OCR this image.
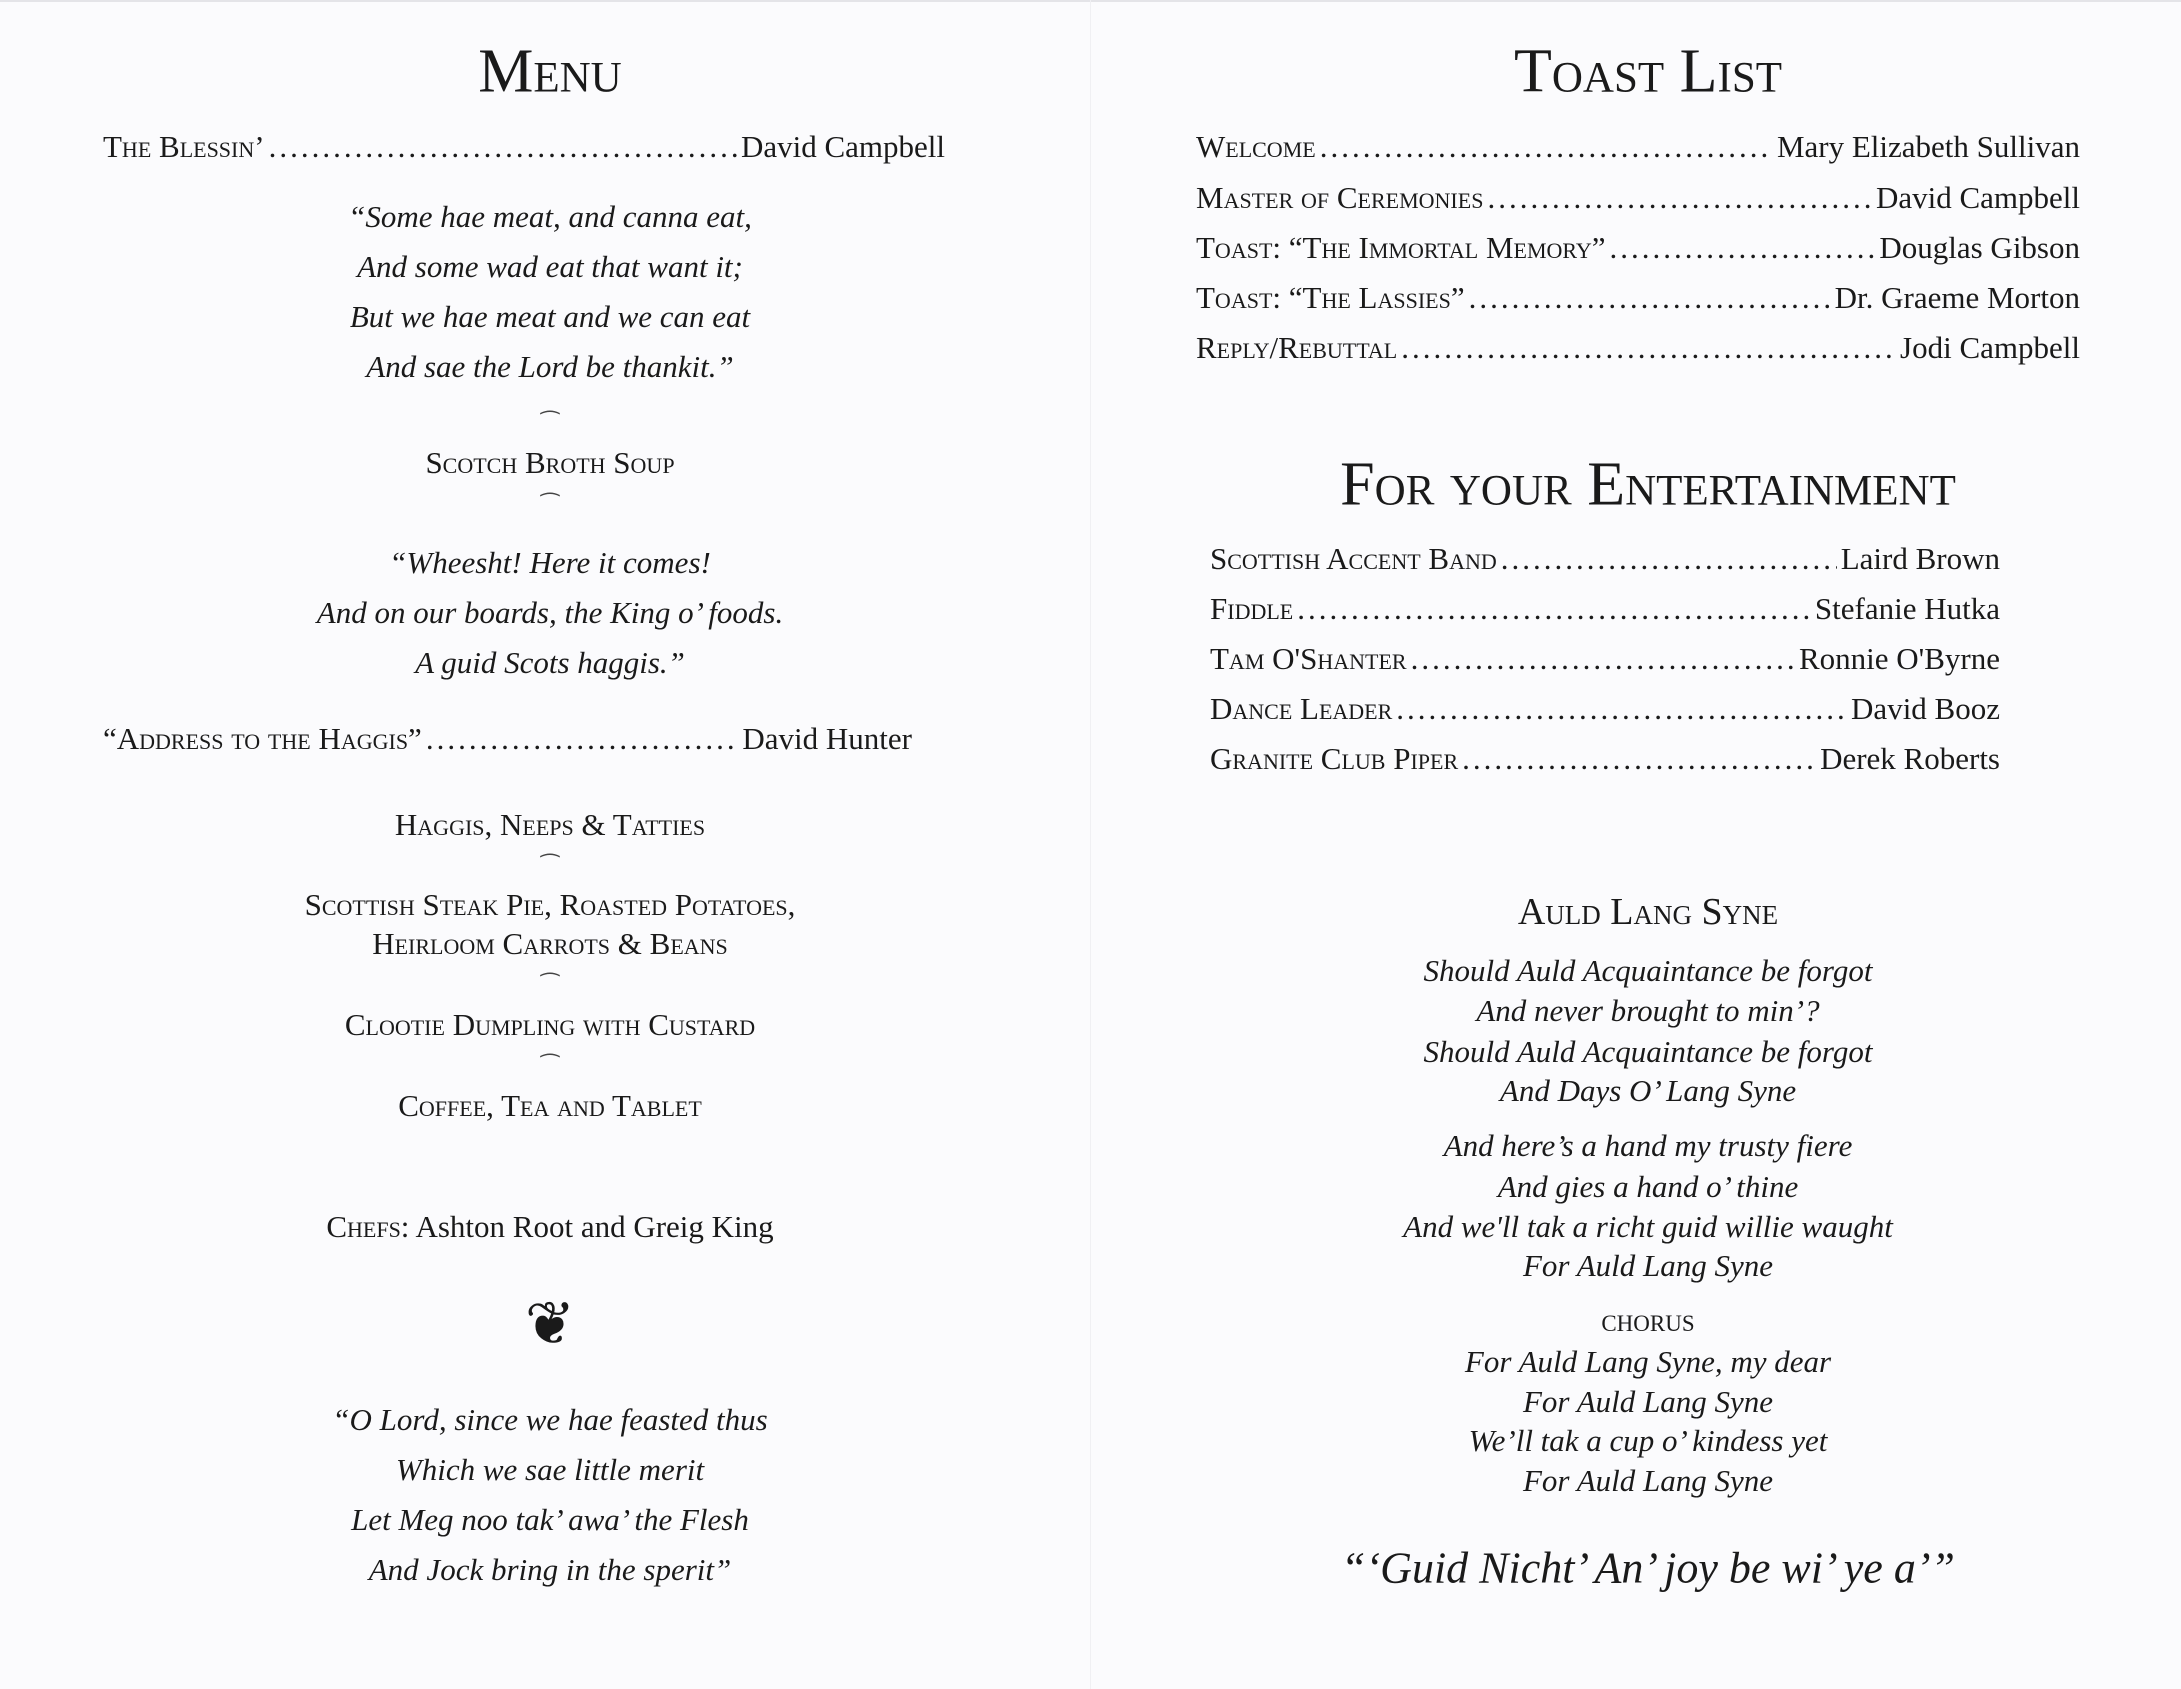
Menu
The Blessin’ .....	David Campbell
“Some hae meat, and canna eat,
And some wad eat that want it;
But we hae meat and we can eat
And sae the Lord be thankit.”
⁀
Scotch Broth Soup
⁀
“Wheesht! Here it comes!
And on our boards, the King o’ foods.
A guid Scots haggis.”
“Address to the Haggis” .....	David Hunter
Haggis, Neeps & Tatties
⁀
Scottish Steak Pie, Roasted Potatoes,
Heirloom Carrots & Beans
⁀
Clootie Dumpling with Custard
⁀
Coffee, Tea and Tablet
Chefs: Ashton Root and Greig King
❦
“O Lord, since we hae feasted thus
Which we sae little merit
Let Meg noo tak’ awa’ the Flesh
And Jock bring in the sperit”
Toast List
Welcome .....	Mary Elizabeth Sullivan
Master of Ceremonies .....	David Campbell
Toast: “The Immortal Memory” .....	Douglas Gibson
Toast: “The Lassies” .....	Dr. Graeme Morton
Reply/Rebuttal .....	Jodi Campbell
For your Entertainment
Scottish Accent Band .....	Laird Brown
Fiddle .....	Stefanie Hutka
Tam O'Shanter .....	Ronnie O'Byrne
Dance Leader .....	David Booz
Granite Club Piper .....	Derek Roberts
Auld Lang Syne
Should Auld Acquaintance be forgot
And never brought to min’?
Should Auld Acquaintance be forgot
And Days O’ Lang Syne
And here’s a hand my trusty fiere
And gies a hand o’ thine
And we'll tak a richt guid willie waught
For Auld Lang Syne
CHORUS
For Auld Lang Syne, my dear
For Auld Lang Syne
We’ll tak a cup o’ kindess yet
For Auld Lang Syne
“‘Guid Nicht’ An’ joy be wi’ ye a’”
